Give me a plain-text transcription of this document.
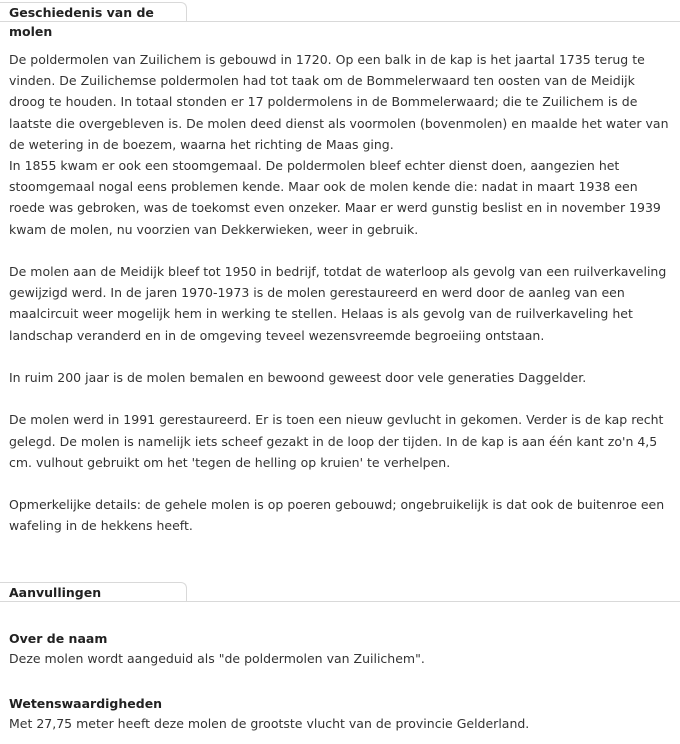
Geschiedenis van de molen

De poldermolen van Zuilichem is gebouwd in 1720. Op een balk in de kap is het jaartal 1735 terug te vinden. De Zuilichemse poldermolen had tot taak om de Bommelerwaard ten oosten van de Meidijk droog te houden. In totaal stonden er 17 poldermolens in de Bommelerwaard; die te Zuilichem is de laatste die overgebleven is. De molen deed dienst als voormolen (bovenmolen) en maalde het water van de wetering in de boezem, waarna het richting de Maas ging.
In 1855 kwam er ook een stoomgemaal. De poldermolen bleef echter dienst doen, aangezien het stoomgemaal nogal eens problemen kende. Maar ook de molen kende die: nadat in maart 1938 een roede was gebroken, was de toekomst even onzeker. Maar er werd gunstig beslist en in november 1939 kwam de molen, nu voorzien van Dekkerwieken, weer in gebruik.

De molen aan de Meidijk bleef tot 1950 in bedrijf, totdat de waterloop als gevolg van een ruilverkaveling gewijzigd werd. In de jaren 1970-1973 is de molen gerestaureerd en werd door de aanleg van een maalcircuit weer mogelijk hem in werking te stellen. Helaas is als gevolg van de ruilverkaveling het landschap veranderd en in de omgeving teveel wezensvreemde begroeiing ontstaan.

In ruim 200 jaar is de molen bemalen en bewoond geweest door vele generaties Daggelder.

De molen werd in 1991 gerestaureerd. Er is toen een nieuw gevlucht in gekomen. Verder is de kap recht gelegd. De molen is namelijk iets scheef gezakt in de loop der tijden. In de kap is aan één kant zo'n 4,5 cm. vulhout gebruikt om het 'tegen de helling op kruien' te verhelpen.

Opmerkelijke details: de gehele molen is op poeren gebouwd; ongebruikelijk is dat ook de buitenroe een wafeling in de hekkens heeft.

Aanvullingen
Over de naam
Deze molen wordt aangeduid als "de poldermolen van Zuilichem".
Wetenswaardigheden
Met 27,75 meter heeft deze molen de grootste vlucht van de provincie Gelderland.
